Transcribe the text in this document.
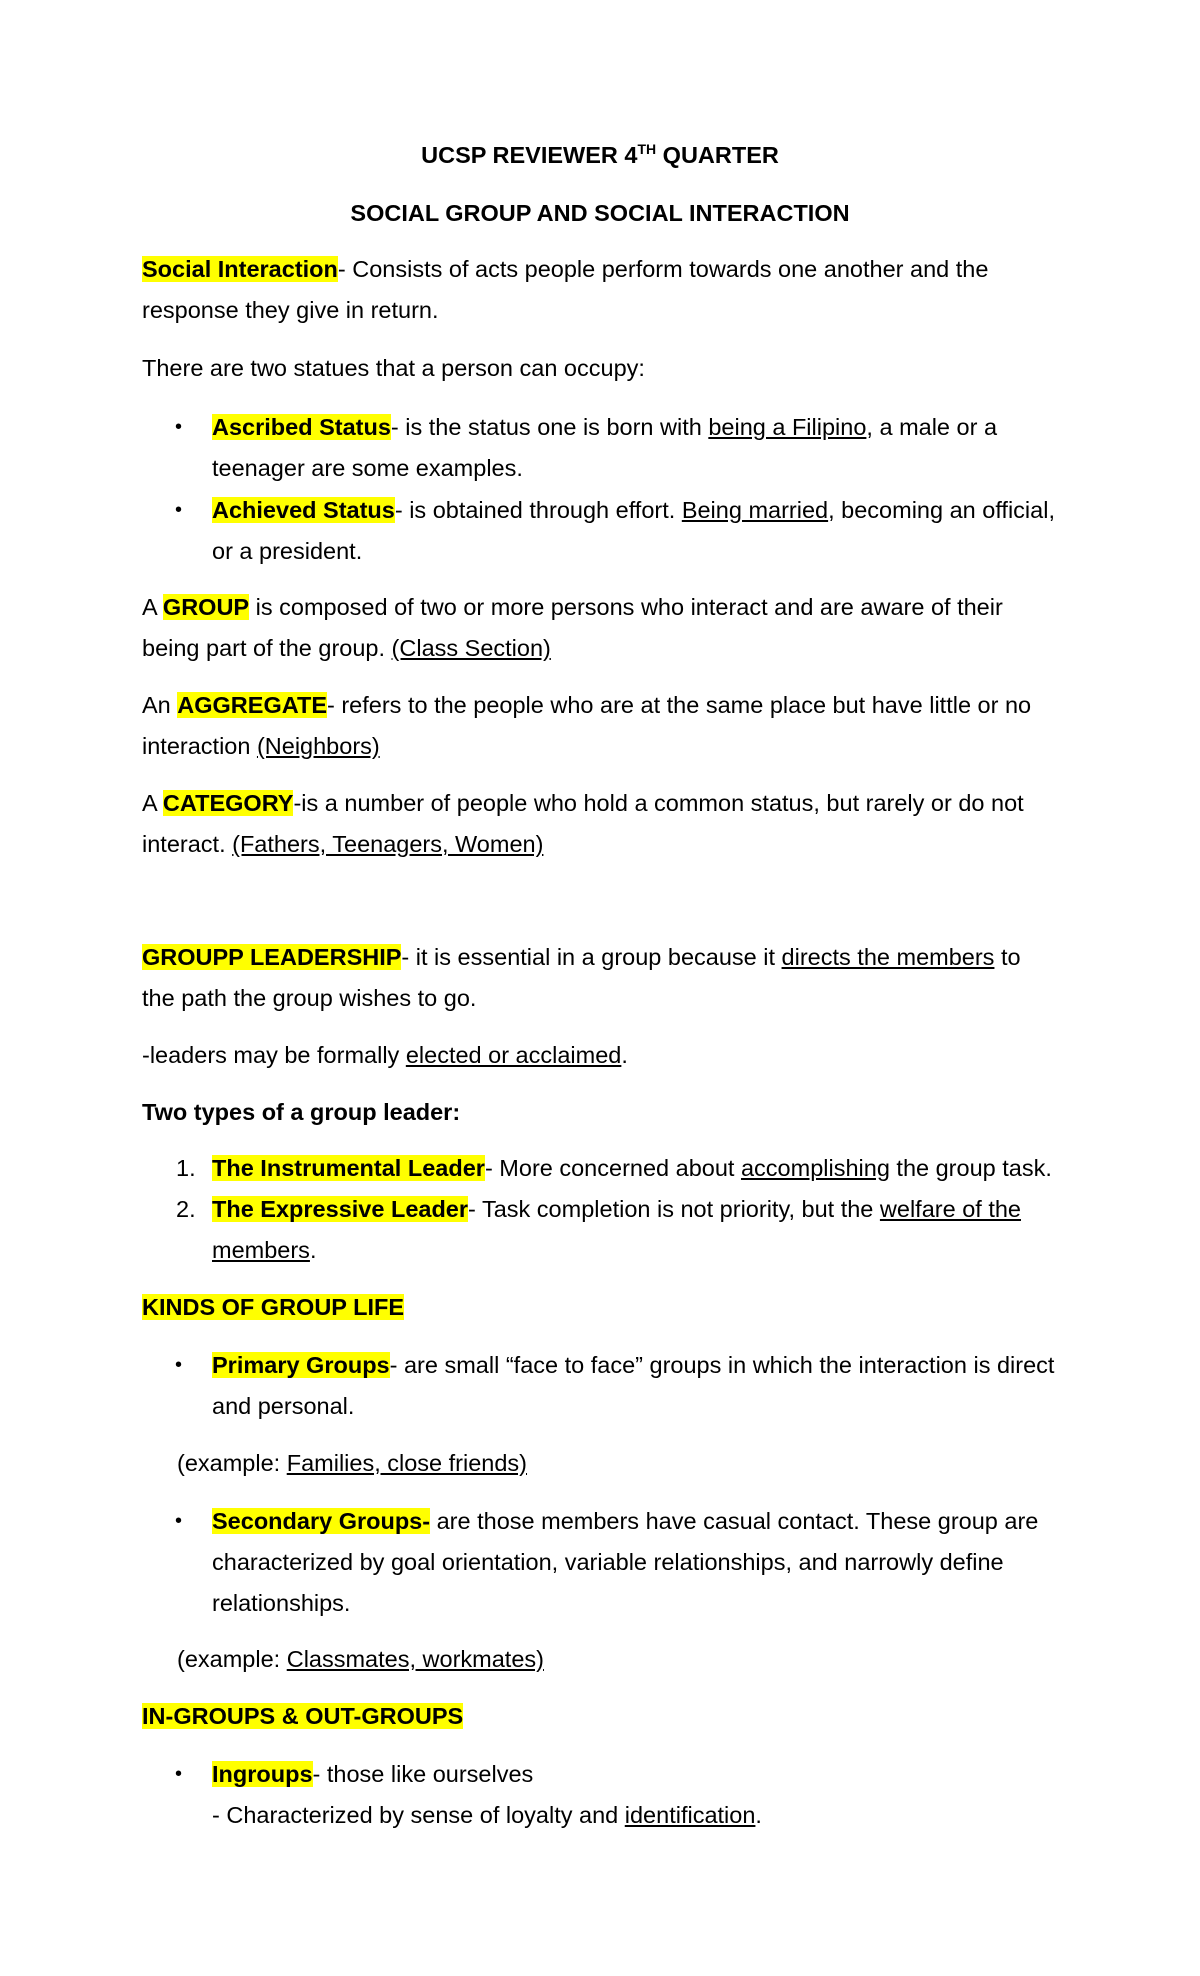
UCSP REVIEWER 4TH QUARTER
SOCIAL GROUP AND SOCIAL INTERACTION
Social Interaction- Consists of acts people perform towards one another and the
response they give in return.
There are two statues that a person can occupy:
• Ascribed Status- is the status one is born with being a Filipino, a male or a
teenager are some examples.
• Achieved Status- is obtained through effort. Being married, becoming an official,
or a president.
A GROUP is composed of two or more persons who interact and are aware of their
being part of the group. (Class Section)
An AGGREGATE- refers to the people who are at the same place but have little or no
interaction (Neighbors)
A CATEGORY-is a number of people who hold a common status, but rarely or do not
interact. (Fathers, Teenagers, Women)
GROUPP LEADERSHIP- it is essential in a group because it directs the members to
the path the group wishes to go.
-leaders may be formally elected or acclaimed.
Two types of a group leader:
1. The Instrumental Leader- More concerned about accomplishing the group task.
2. The Expressive Leader- Task completion is not priority, but the welfare of the
members.
KINDS OF GROUP LIFE
• Primary Groups- are small “face to face” groups in which the interaction is direct
and personal.
(example: Families, close friends)
• Secondary Groups- are those members have casual contact. These group are
characterized by goal orientation, variable relationships, and narrowly define
relationships.
(example: Classmates, workmates)
IN-GROUPS & OUT-GROUPS
• Ingroups- those like ourselves
- Characterized by sense of loyalty and identification.
